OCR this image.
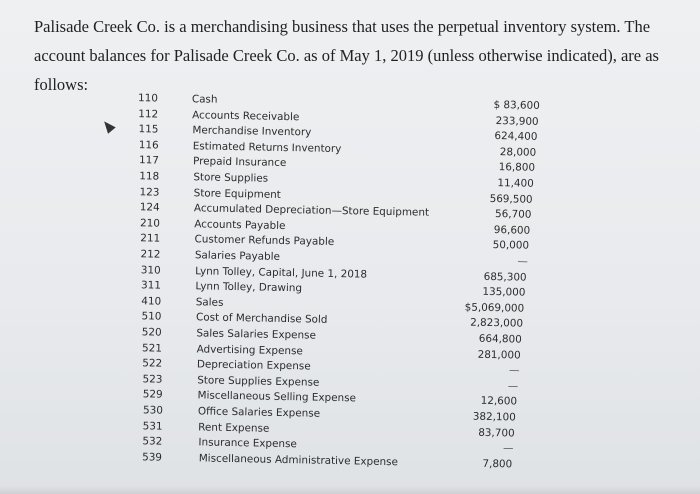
Palisade Creek Co. is a merchandising business that uses the perpetual inventory system. The account balances for Palisade Creek Co. as of May 1, 2019 (unless otherwise indicated), are as follows:
110	Cash	$ 83,600
112	Accounts Receivable	233,900
115	Merchandise Inventory	624,400
116	Estimated Returns Inventory	28,000
117	Prepaid Insurance	16,800
118	Store Supplies	11,400
123	Store Equipment	569,500
124	Accumulated Depreciation—Store Equipment	56,700
210	Accounts Payable	96,600
211	Customer Refunds Payable	50,000
212	Salaries Payable	—
310	Lynn Tolley, Capital, June 1, 2018	685,300
311	Lynn Tolley, Drawing	135,000
410	Sales	$5,069,000
510	Cost of Merchandise Sold	2,823,000
520	Sales Salaries Expense	664,800
521	Advertising Expense	281,000
522	Depreciation Expense	—
523	Store Supplies Expense	—
529	Miscellaneous Selling Expense	12,600
530	Office Salaries Expense	382,100
531	Rent Expense	83,700
532	Insurance Expense	—
539	Miscellaneous Administrative Expense	7,800
